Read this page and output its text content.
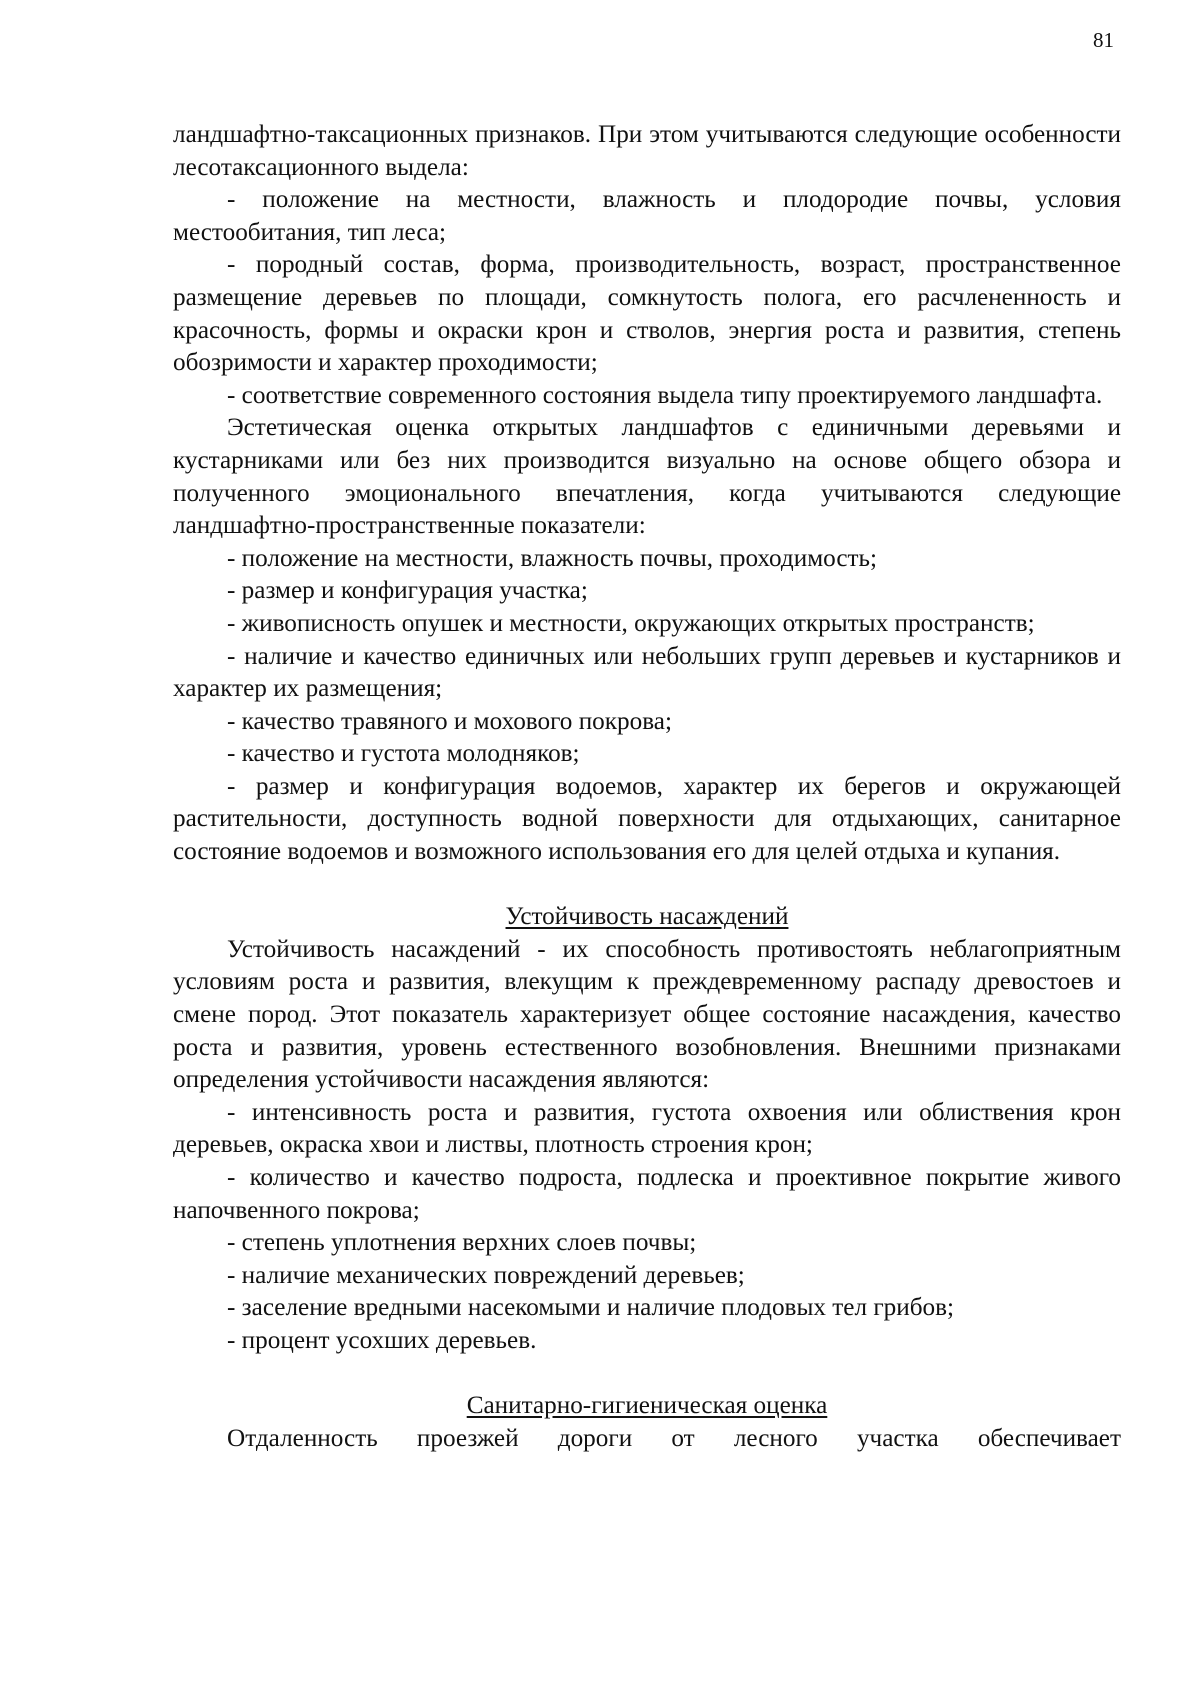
81

ландшафтно-таксационных признаков. При этом учитываются следующие особенности лесотаксационного выдела:

- положение на местности, влажность и плодородие почвы, условия местообитания, тип леса;

- породный состав, форма, производительность, возраст, пространственное размещение деревьев по площади, сомкнутость полога, его расчлененность и красочность, формы и окраски крон и стволов, энергия роста и развития, степень обозримости и характер проходимости;

- соответствие современного состояния выдела типу проектируемого ландшафта.

Эстетическая оценка открытых ландшафтов с единичными деревьями и кустарниками или без них производится визуально на основе общего обзора и полученного эмоционального впечатления, когда учитываются следующие ландшафтно-пространственные показатели:

- положение на местности, влажность почвы, проходимость;

- размер и конфигурация участка;

- живописность опушек и местности, окружающих открытых пространств;

- наличие и качество единичных или небольших групп деревьев и кустарников и характер их размещения;

- качество травяного и мохового покрова;

- качество и густота молодняков;

- размер и конфигурация водоемов, характер их берегов и окружающей растительности, доступность водной поверхности для отдыхающих, санитарное состояние водоемов и возможного использования его для целей отдыха и купания.

Устойчивость насаждений

Устойчивость насаждений - их способность противостоять неблагоприятным условиям роста и развития, влекущим к преждевременному распаду древостоев и смене пород. Этот показатель характеризует общее состояние насаждения, качество роста и развития, уровень естественного возобновления. Внешними признаками определения устойчивости насаждения являются:

- интенсивность роста и развития, густота охвоения или облиствения крон деревьев, окраска хвои и листвы, плотность строения крон;

- количество и качество подроста, подлеска и проективное покрытие живого напочвенного покрова;

- степень уплотнения верхних слоев почвы;

- наличие механических повреждений деревьев;

- заселение вредными насекомыми и наличие плодовых тел грибов;

- процент усохших деревьев.

Санитарно-гигиеническая оценка

Отдаленность проезжей дороги от лесного участка обеспечивает
